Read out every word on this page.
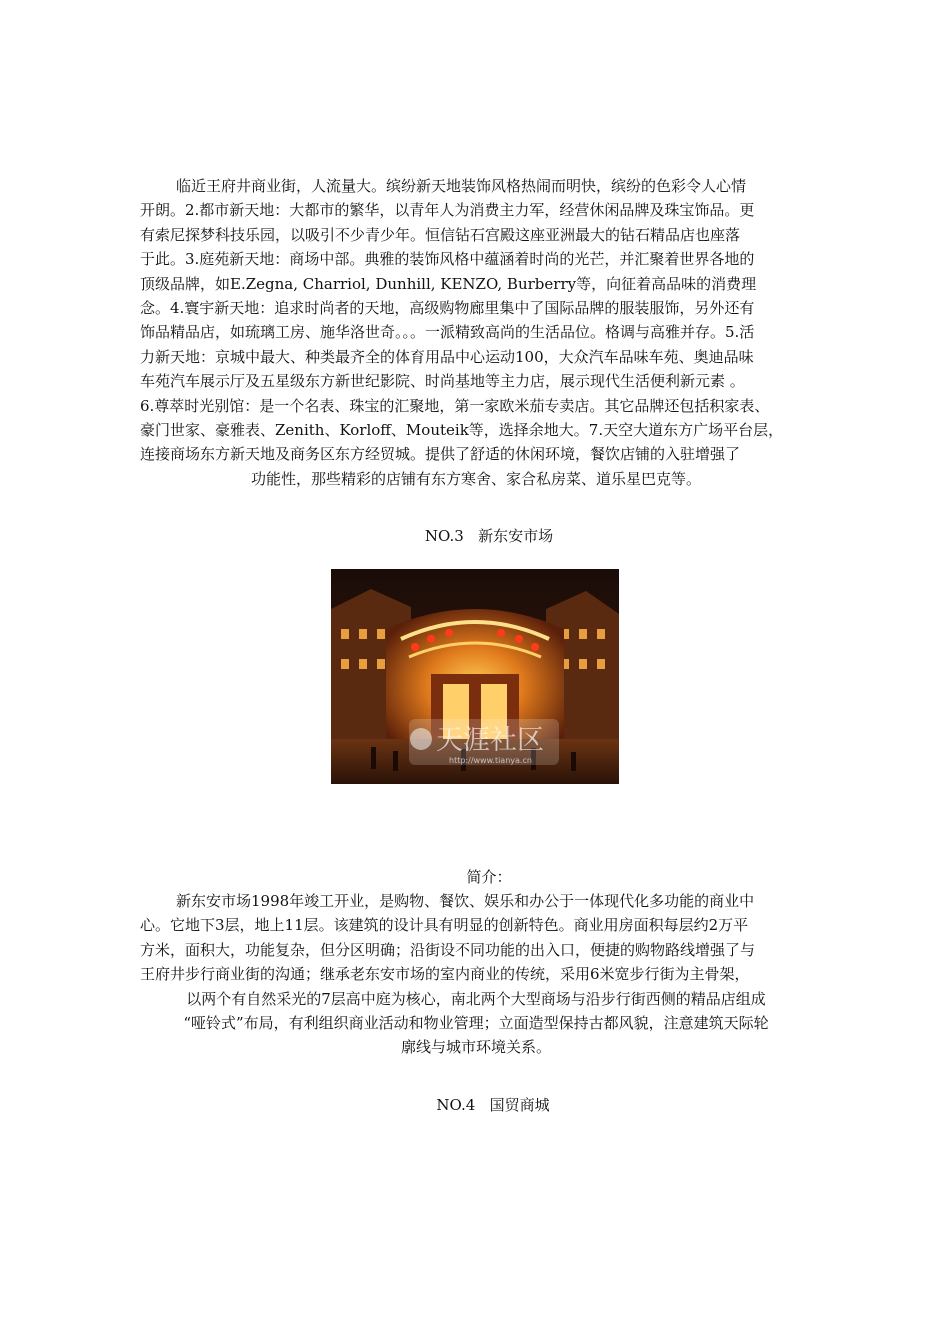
临近王府井商业街，人流量大。缤纷新天地装饰风格热闹而明快，缤纷的色彩令人心情
开朗。2.都市新天地：大都市的繁华，以青年人为消费主力军，经营休闲品牌及珠宝饰品。更
有索尼探梦科技乐园，以吸引不少青少年。恒信钻石宫殿这座亚洲最大的钻石精品店也座落
于此。3.庭苑新天地：商场中部。典雅的装饰风格中蕴涵着时尚的光芒，并汇聚着世界各地的
顶级品牌，如E.Zegna, Charriol, Dunhill, KENZO, Burberry等，向征着高品味的消费理
念。4.寰宇新天地：追求时尚者的天地，高级购物廊里集中了国际品牌的服装服饰，另外还有
饰品精品店，如琉璃工房、施华洛世奇。。。一派精致高尚的生活品位。格调与高雅并存。5.活
力新天地：京城中最大、种类最齐全的体育用品中心运动100，大众汽车品味车苑、奥迪品味
车苑汽车展示厅及五星级东方新世纪影院、时尚基地等主力店，展示现代生活便利新元素 。
6.尊萃时光别馆：是一个名表、珠宝的汇聚地，第一家欧米茄专卖店。其它品牌还包括积家表、
豪门世家、豪雅表、Zenith、Korloff、Mouteik等，选择余地大。7.天空大道东方广场平台层，
连接商场东方新天地及商务区东方经贸城。提供了舒适的休闲环境，餐饮店铺的入驻增强了
功能性，那些精彩的店铺有东方寒舍、家合私房菜、道乐星巴克等。
NO.3   新东安市场
天涯社区
http://www.tianya.cn
简介：
新东安市场1998年竣工开业，是购物、餐饮、娱乐和办公于一体现代化多功能的商业中
心。它地下3层，地上11层。该建筑的设计具有明显的创新特色。商业用房面积每层约2万平
方米，面积大，功能复杂，但分区明确；沿街设不同功能的出入口，便捷的购物路线增强了与
王府井步行商业街的沟通；继承老东安市场的室内商业的传统，采用6米宽步行街为主骨架，
以两个有自然采光的7层高中庭为核心，南北两个大型商场与沿步行街西侧的精品店组成
“哑铃式”布局，有利组织商业活动和物业管理；立面造型保持古都风貌，注意建筑天际轮
廓线与城市环境关系。
NO.4   国贸商城
